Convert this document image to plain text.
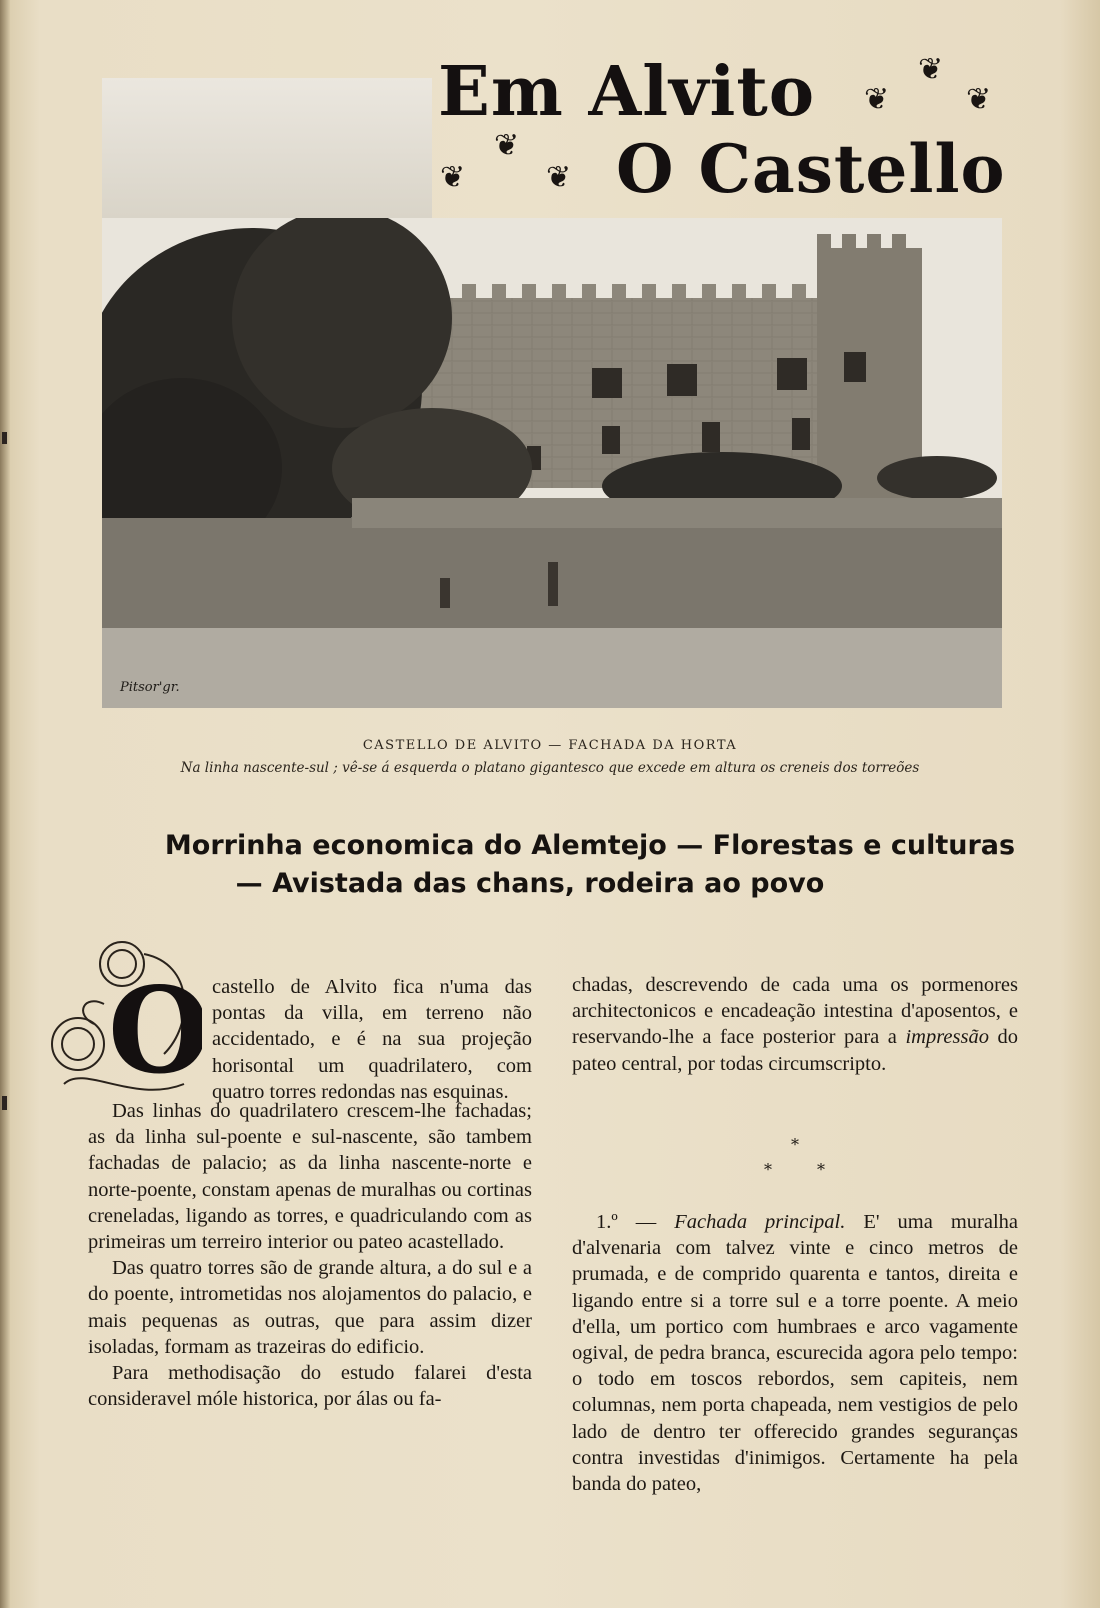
Em Alvito
O Castello
❦
❦
❦
❦
❦
❦
Pitsor'gr.
CASTELLO DE ALVITO — FACHADA DA HORTA
Na linha nascente-sul ; vê-se á esquerda o platano gigantesco que excede em altura os creneis dos torreões
Morrinha economica do Alemtejo — Florestas e culturas
— Avistada das chans, rodeira ao povo
O castello de Alvito fica n'uma das pontas da villa, em terreno não accidentado, e é na sua projeção horisontal um quadrilatero, com quatro torres redondas nas esquinas.

Das linhas do quadrilatero crescem-lhe fachadas; as da linha sul-poente e sul-nascente, são tambem fachadas de palacio; as da linha nascente-norte e norte-poente, constam apenas de muralhas ou cortinas creneladas, ligando as torres, e quadriculando com as primeiras um terreiro interior ou pateo acastellado.

Das quatro torres são de grande altura, a do sul e a do poente, intrometidas nos alojamentos do palacio, e mais pequenas as outras, que para assim dizer isoladas, formam as trazeiras do edificio.

Para methodisação do estudo falarei d'esta consideravel móle historica, por álas ou fa-

chadas, descrevendo de cada uma os pormenores architectonicos e encadeação intestina d'aposentos, e reservando-lhe a face posterior para a impressão do pateo central, por todas circumscripto.

*
*	*

1.º — Fachada principal. E' uma muralha d'alvenaria com talvez vinte e cinco metros de prumada, e de comprido quarenta e tantos, direita e ligando entre si a torre sul e a torre poente. A meio d'ella, um portico com humbraes e arco vagamente ogival, de pedra branca, escurecida agora pelo tempo: o todo em toscos rebordos, sem capiteis, nem columnas, nem porta chapeada, nem vestigios de pelo lado de dentro ter offerecido grandes seguranças contra investidas d'inimigos. Certamente ha pela banda do pateo,
